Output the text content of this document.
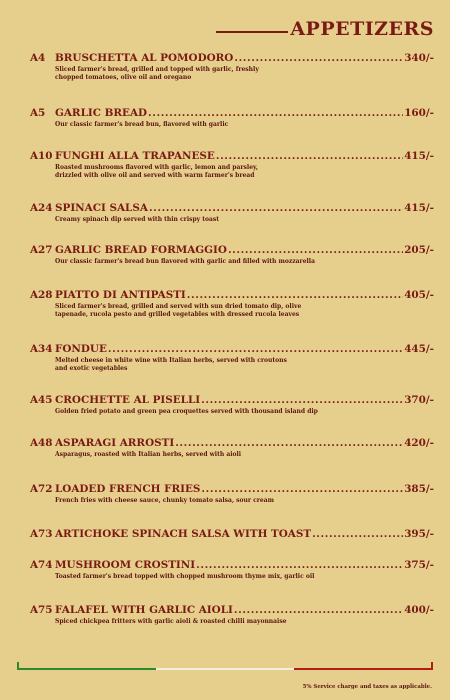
APPETIZERS
A4 BRUSCHETTA AL POMODORO .....	340/-
Sliced farmer's bread, grilled and topped with garlic, freshly
chopped tomatoes, olive oil and oregano
A5 GARLIC BREAD .....	160/-
Our classic farmer's bread bun, flavored with garlic
A10 FUNGHI ALLA TRAPANESE .....	415/-
Roasted mushrooms flavored with garlic, lemon and parsley,
drizzled with olive oil and served with warm farmer's bread
A24 SPINACI SALSA .....	415/-
Creamy spinach dip served with thin crispy toast
A27 GARLIC BREAD FORMAGGIO .....	205/-
Our classic farmer's bread bun flavored with garlic and filled with mozzarella
A28 PIATTO DI ANTIPASTI .....	405/-
Sliced farmer's bread, grilled and served with sun dried tomato dip, olive
tapenade, rucola pesto and grilled vegetables with dressed rucola leaves
A34 FONDUE .....	445/-
Melted cheese in white wine with Italian herbs, served with croutons
and exotic vegetables
A45 CROCHETTE AL PISELLI .....	370/-
Golden fried potato and green pea croquettes served with thousand island dip
A48 ASPARAGI ARROSTI .....	420/-
Asparagus, roasted with Italian herbs, served with aioli
A72 LOADED FRENCH FRIES .....	385/-
French fries with cheese sauce, chunky tomato salsa, sour cream
A73 ARTICHOKE SPINACH SALSA WITH TOAST .....	395/-
A74 MUSHROOM CROSTINI .....	375/-
Toasted farmer's bread topped with chopped mushroom thyme mix, garlic oil
A75 FALAFEL WITH GARLIC AIOLI .....	400/-
Spiced chickpea fritters with garlic aioli & roasted chilli mayonnaise
5% Service charge and taxes as applicable.
